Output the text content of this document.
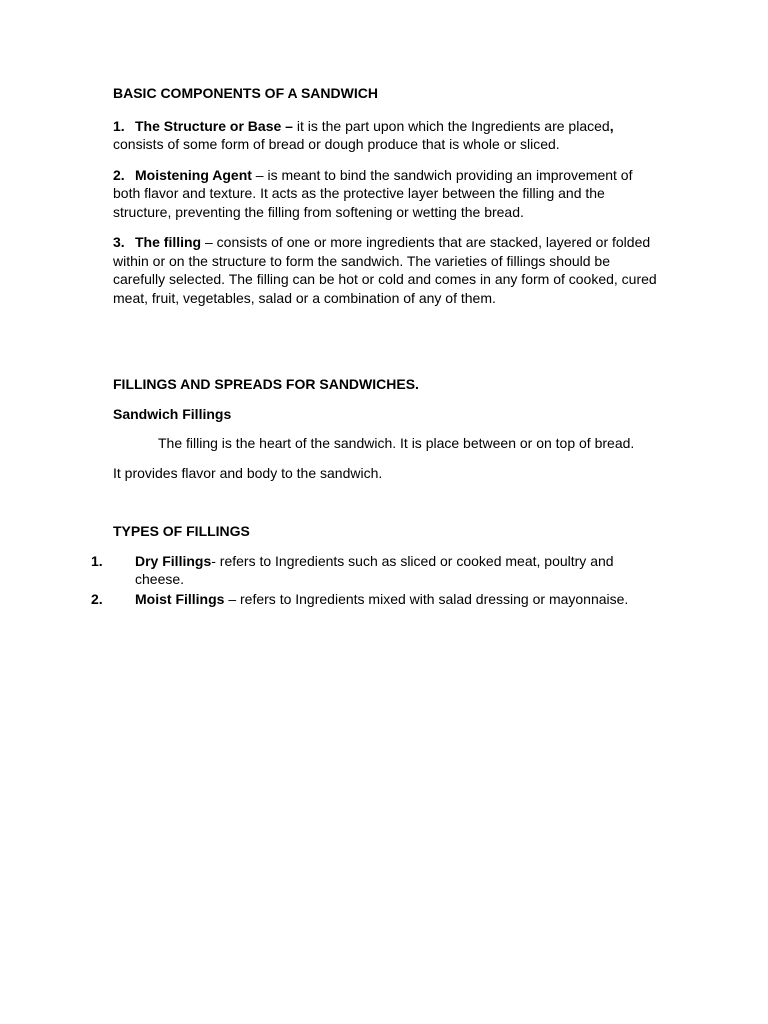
BASIC COMPONENTS OF A SANDWICH

1. The Structure or Base – it is the part upon which the Ingredients are placed, consists of some form of bread or dough produce that is whole or sliced.

2. Moistening Agent – is meant to bind the sandwich providing an improvement of both flavor and texture. It acts as the protective layer between the filling and the structure, preventing the filling from softening or wetting the bread.

3. The filling – consists of one or more ingredients that are stacked, layered or folded within or on the structure to form the sandwich. The varieties of fillings should be carefully selected. The filling can be hot or cold and comes in any form of cooked, cured meat, fruit, vegetables, salad or a combination of any of them.

FILLINGS AND SPREADS FOR SANDWICHES.

Sandwich Fillings

The filling is the heart of the sandwich. It is place between or on top of bread.

It provides flavor and body to the sandwich.

TYPES OF FILLINGS

1. Dry Fillings- refers to Ingredients such as sliced or cooked meat, poultry and cheese.

2. Moist Fillings – refers to Ingredients mixed with salad dressing or mayonnaise.
